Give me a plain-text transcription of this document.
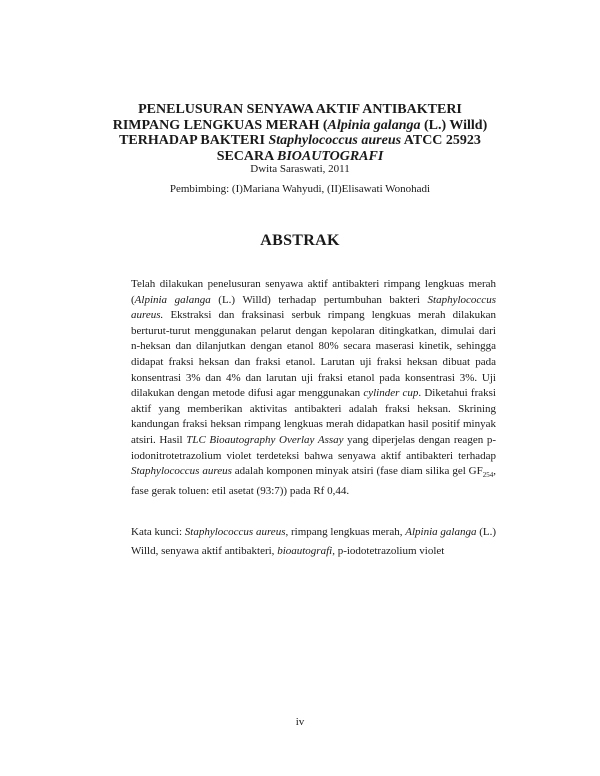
PENELUSURAN SENYAWA AKTIF ANTIBAKTERI
RIMPANG LENGKUAS MERAH (Alpinia galanga (L.) Willd)
TERHADAP BAKTERI Staphylococcus aureus ATCC 25923
SECARA BIOAUTOGRAFI
Dwita Saraswati, 2011
Pembimbing: (I)Mariana Wahyudi, (II)Elisawati Wonohadi
ABSTRAK
Telah dilakukan penelusuran senyawa aktif antibakteri rimpang lengkuas merah (Alpinia galanga (L.) Willd) terhadap pertumbuhan bakteri Staphylococcus aureus. Ekstraksi dan fraksinasi serbuk rimpang lengkuas merah dilakukan berturut-turut menggunakan pelarut dengan kepolaran ditingkatkan, dimulai dari n-heksan dan dilanjutkan dengan etanol 80% secara maserasi kinetik, sehingga didapat fraksi heksan dan fraksi etanol. Larutan uji fraksi heksan dibuat pada konsentrasi 3% dan 4% dan larutan uji fraksi etanol pada konsentrasi 3%. Uji dilakukan dengan metode difusi agar menggunakan cylinder cup. Diketahui fraksi aktif yang memberikan aktivitas antibakteri adalah fraksi heksan. Skrining kandungan fraksi heksan rimpang lengkuas merah didapatkan hasil positif minyak atsiri. Hasil TLC Bioautography Overlay Assay yang diperjelas dengan reagen p-iodonitrotetrazolium violet terdeteksi bahwa senyawa aktif antibakteri terhadap Staphylococcus aureus adalah komponen minyak atsiri (fase diam silika gel $GF_{254}$, fase gerak toluen: etil asetat (93:7)) pada Rf 0,44.
Kata kunci: Staphylococcus aureus, rimpang lengkuas merah, Alpinia galanga (L.) Willd, senyawa aktif antibakteri, bioautografi, p-iodotetrazolium violet
iv
